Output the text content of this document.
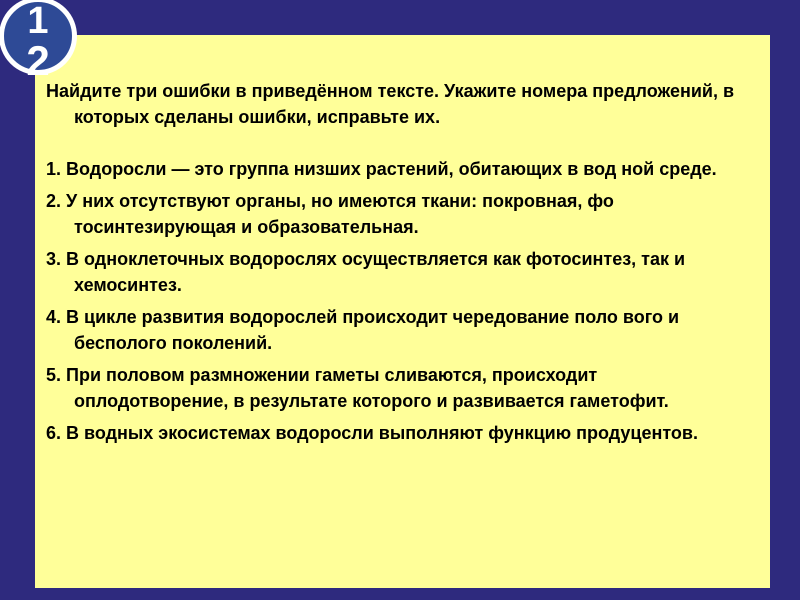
1
2

Найдите три ошибки в приведённом тексте. Укажите номера предложений, в которых сделаны ошибки, исправьте их.

1. Водоросли — это группа низших растений, обитающих в вод ной среде.

2. У них отсутствуют органы, но имеются ткани: покровная, фо тосинтезирующая и образовательная.

3. В одноклеточных водорослях осуществляется как фотосинтез, так и хемосинтез.

4. В цикле развития водорослей происходит чередование поло вого и бесполого поколений.

5. При половом размножении гаметы сливаются, происходит оплодотворение, в результате которого и развивается гаметофит.

6. В водных экосистемах водоросли выполняют функцию продуцентов.
